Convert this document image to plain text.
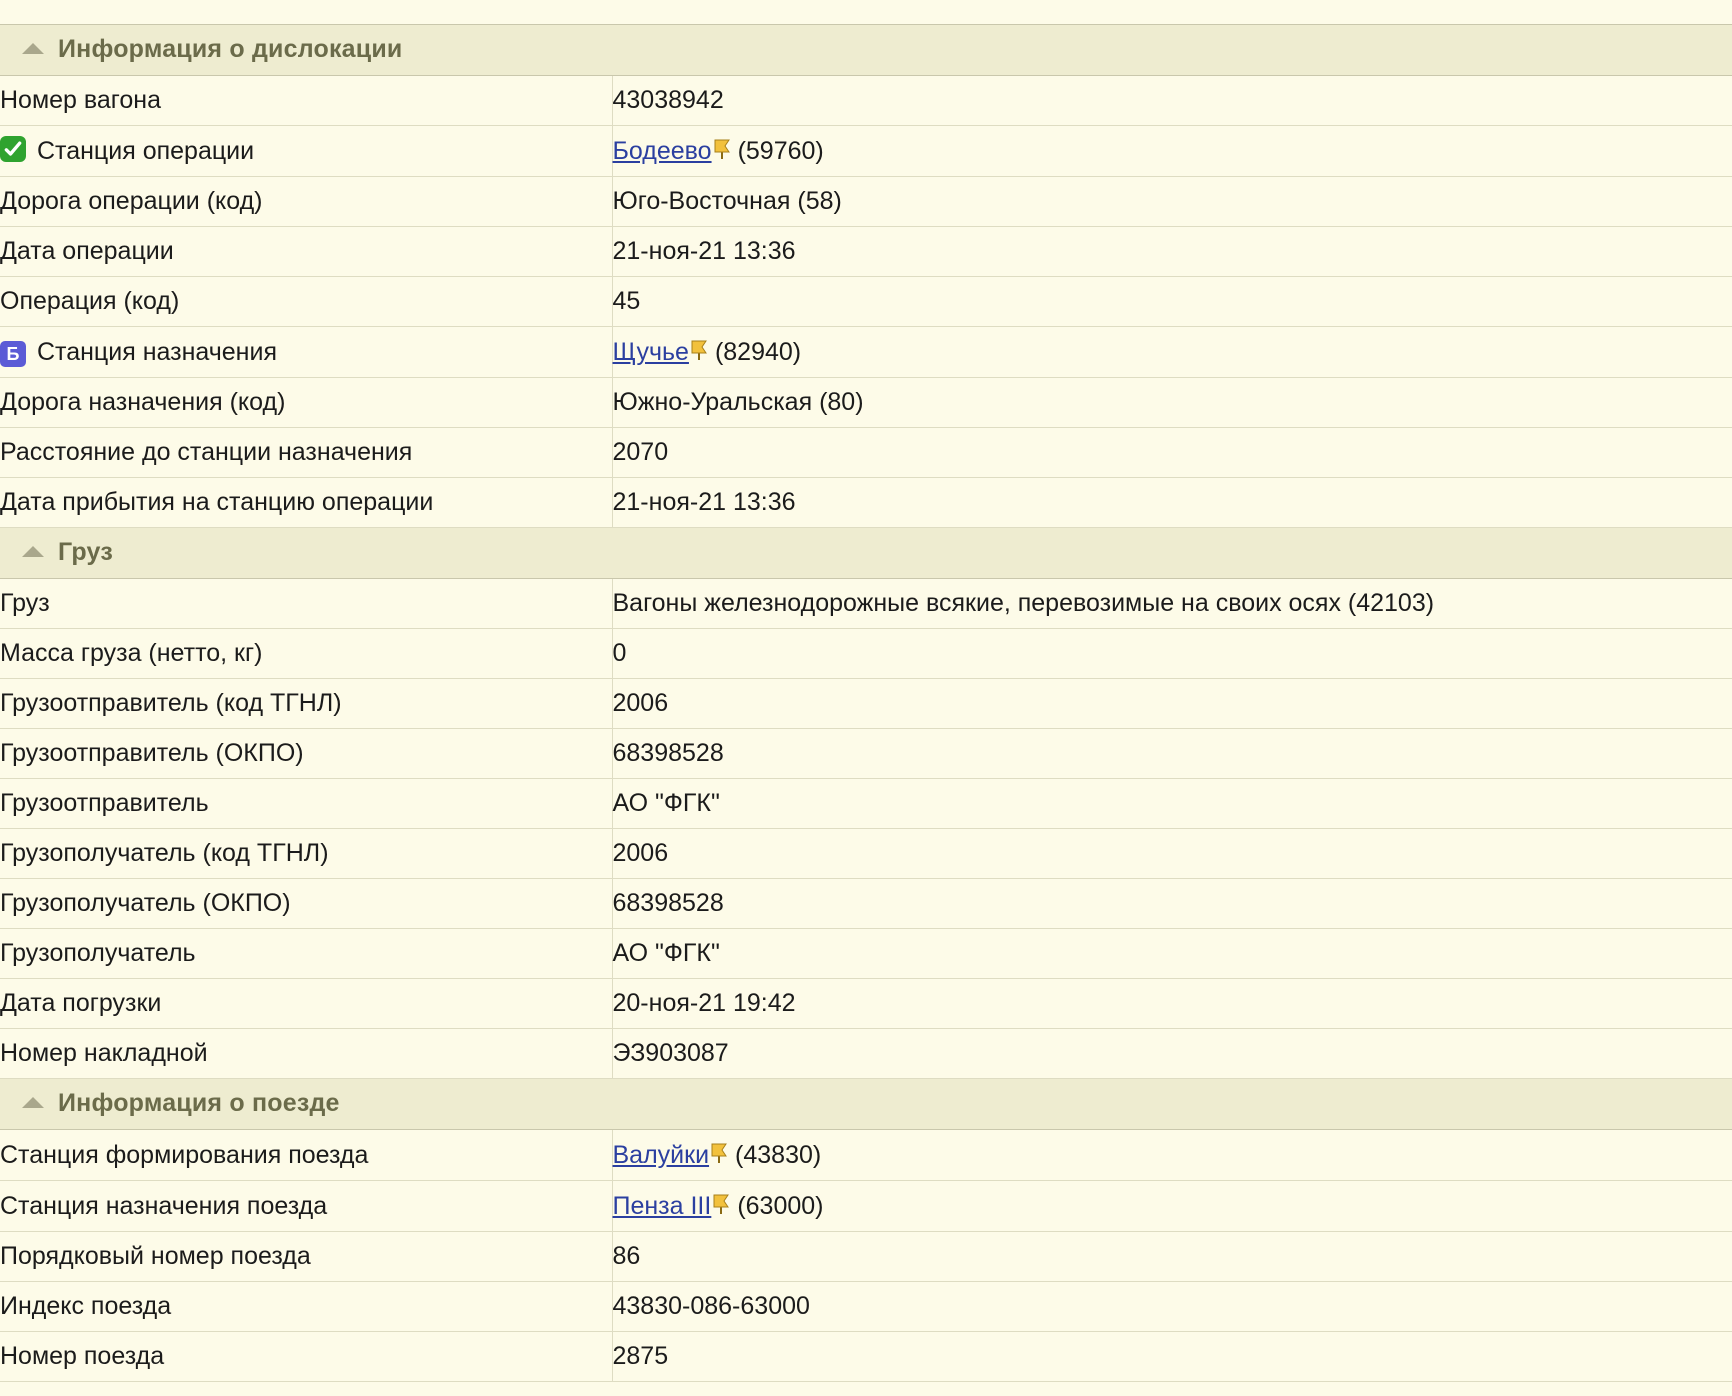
Информация о дислокации	

Номер вагона	43038942

Станция операции	Бодеево (59760)

Дорога операции (код)	Юго-Восточная (58)

Дата операции	21-ноя-21 13:36

Операция (код)	45

Б Станция назначения	Щучье (82940)

Дорога назначения (код)	Южно-Уральская (80)

Расстояние до станции назначения	2070

Дата прибытия на станцию операции	21-ноя-21 13:36

Груз	

Груз	Вагоны железнодорожные всякие, перевозимые на своих осях (42103)

Масса груза (нетто, кг)	0

Грузоотправитель (код ТГНЛ)	2006

Грузоотправитель (ОКПО)	68398528

Грузоотправитель	АО "ФГК"

Грузополучатель (код ТГНЛ)	2006

Грузополучатель (ОКПО)	68398528

Грузополучатель	АО "ФГК"

Дата погрузки	20-ноя-21 19:42

Номер накладной	ЭЗ903087

Информация о поезде	

Станция формирования поезда	Валуйки (43830)

Станция назначения поезда	Пенза III (63000)

Порядковый номер поезда	86

Индекс поезда	43830-086-63000

Номер поезда	2875
